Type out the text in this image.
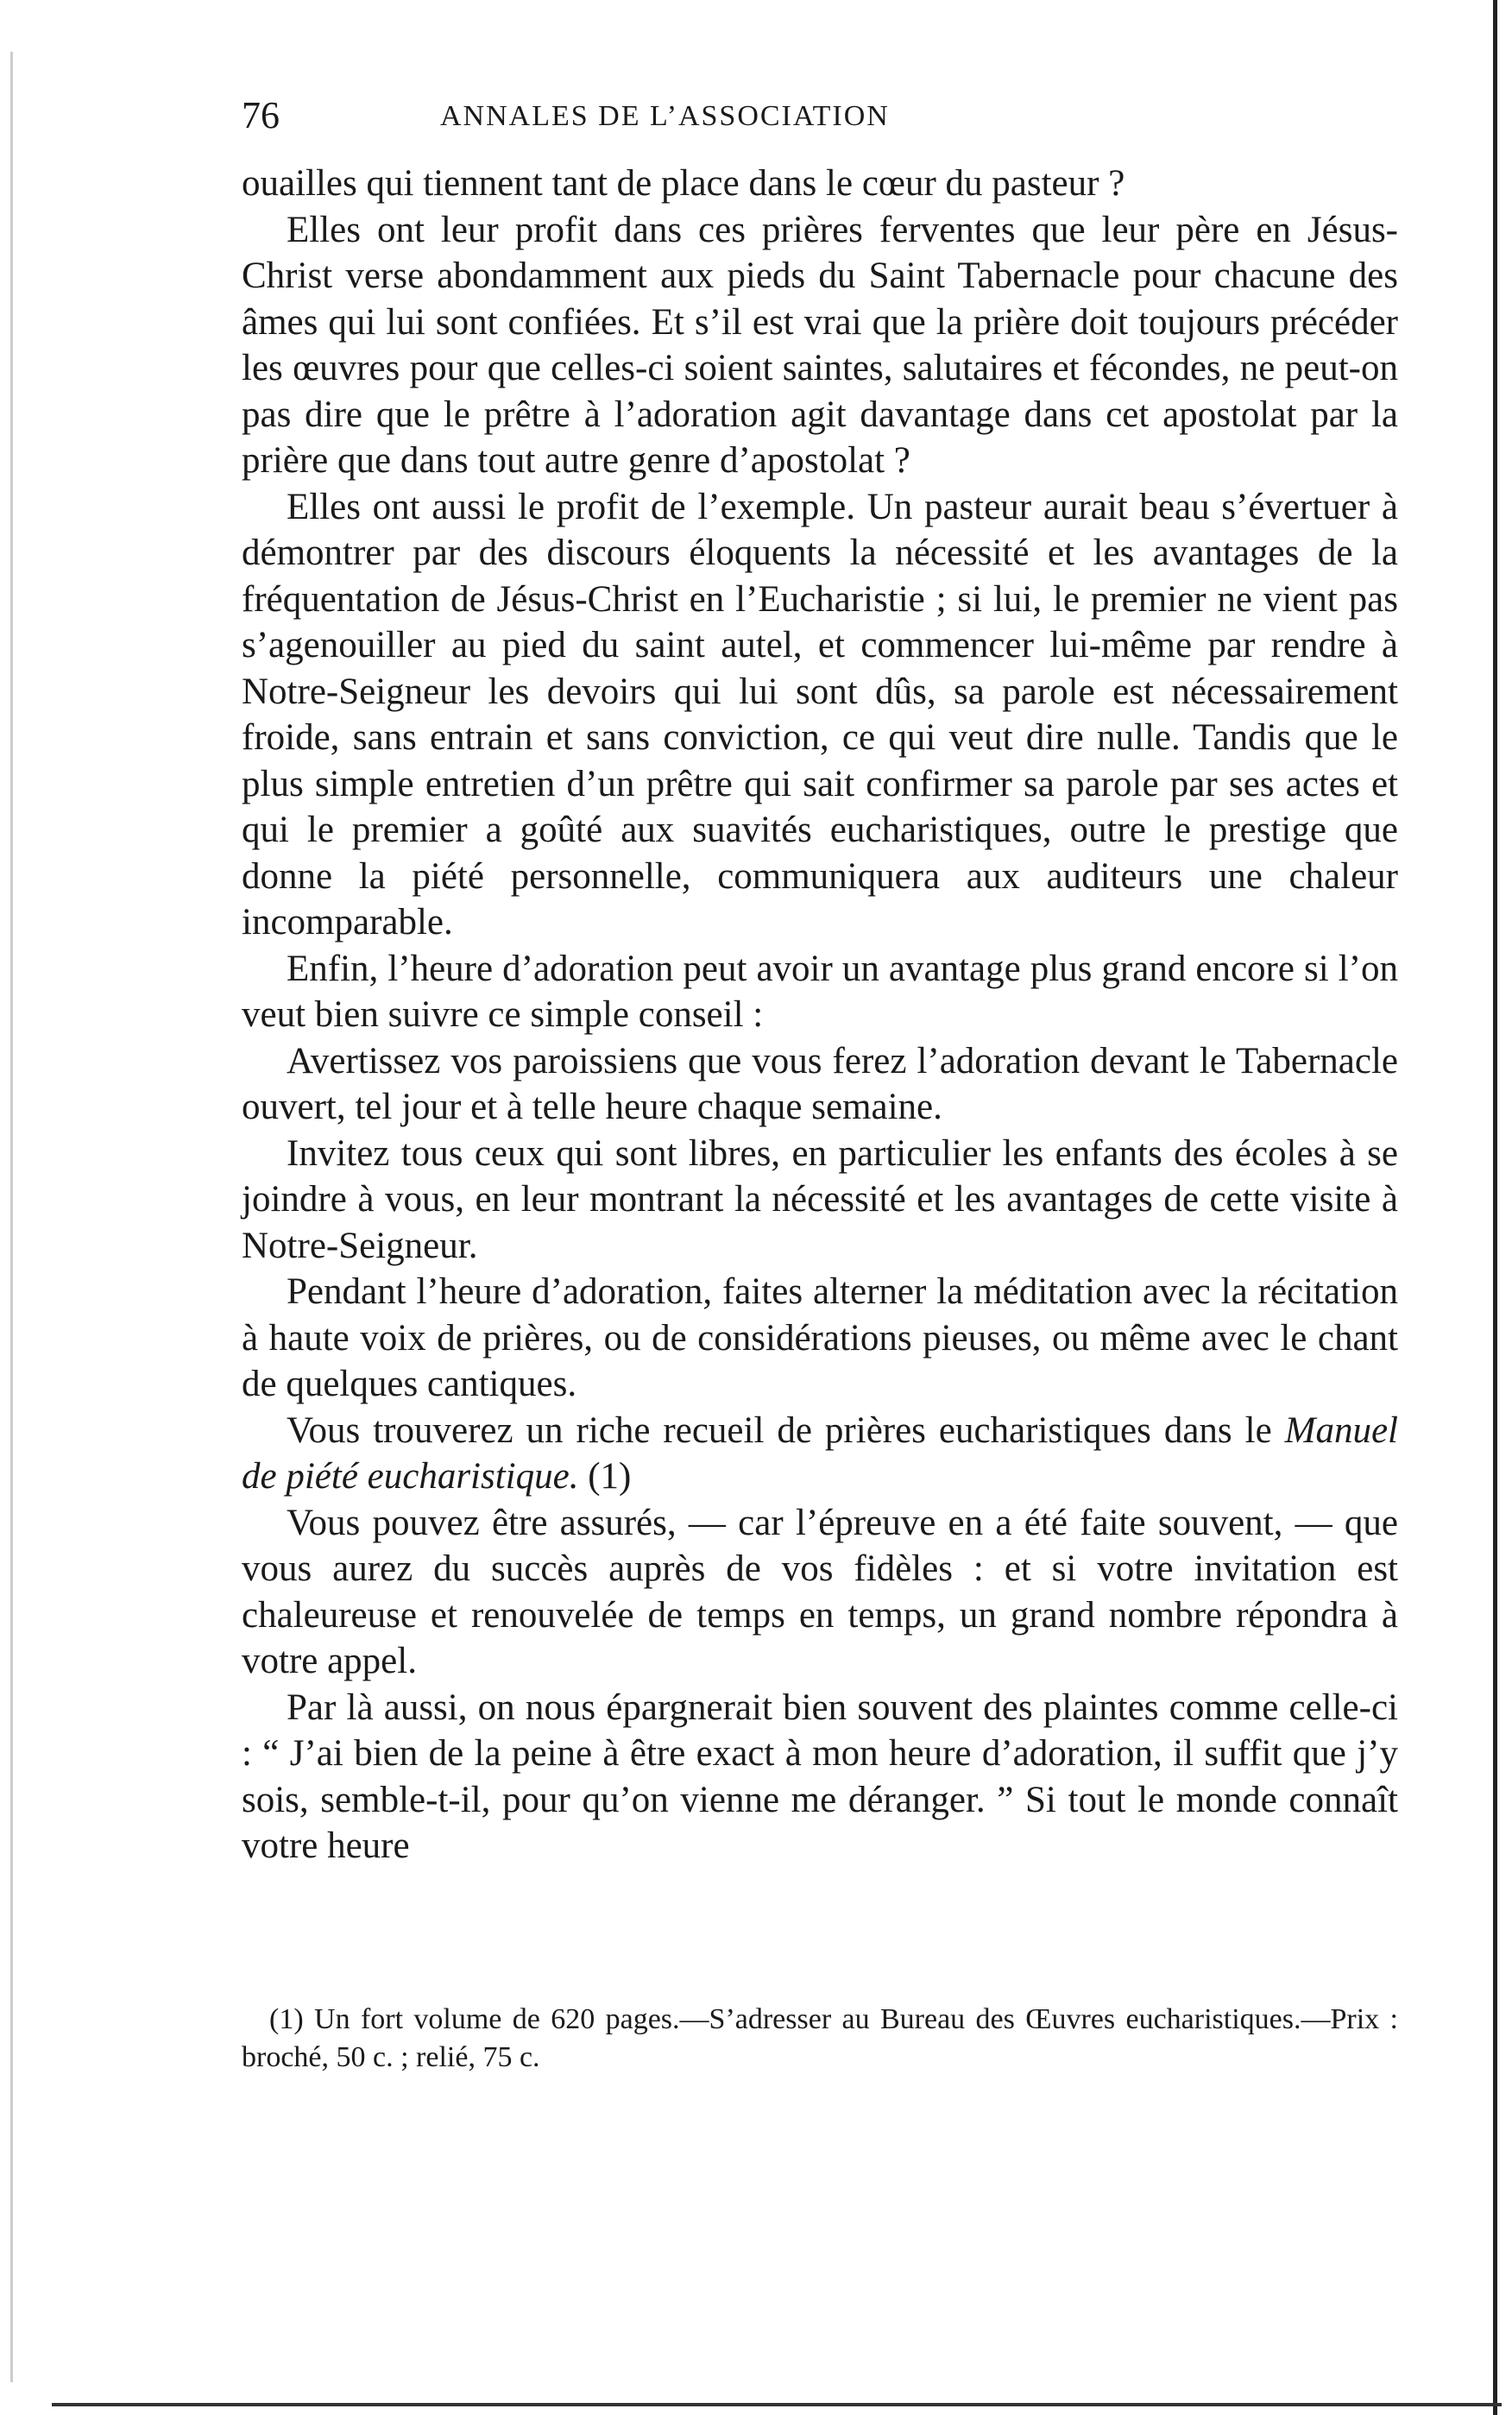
76	ANNALES DE L’ASSOCIATION

ouailles qui tiennent tant de place dans le cœur du pasteur ?

Elles ont leur profit dans ces prières ferventes que leur père en Jésus-Christ verse abondamment aux pieds du Saint Tabernacle pour chacune des âmes qui lui sont confiées. Et s’il est vrai que la prière doit toujours précéder les œuvres pour que celles-ci soient saintes, salutaires et fécondes, ne peut-on pas dire que le prêtre à l’adoration agit davantage dans cet apostolat par la prière que dans tout autre genre d’apostolat ?

Elles ont aussi le profit de l’exemple. Un pasteur aurait beau s’évertuer à démontrer par des discours éloquents la nécessité et les avantages de la fréquentation de Jésus-Christ en l’Eucharistie ; si lui, le premier ne vient pas s’agenouiller au pied du saint autel, et commencer lui-même par rendre à Notre-Seigneur les devoirs qui lui sont dûs, sa parole est nécessairement froide, sans entrain et sans conviction, ce qui veut dire nulle. Tandis que le plus simple entretien d’un prêtre qui sait confirmer sa parole par ses actes et qui le premier a goûté aux suavités eucharistiques, outre le prestige que donne la piété personnelle, communiquera aux auditeurs une chaleur incomparable.

Enfin, l’heure d’adoration peut avoir un avantage plus grand encore si l’on veut bien suivre ce simple conseil :

Avertissez vos paroissiens que vous ferez l’adoration devant le Tabernacle ouvert, tel jour et à telle heure chaque semaine.

Invitez tous ceux qui sont libres, en particulier les enfants des écoles à se joindre à vous, en leur montrant la nécessité et les avantages de cette visite à Notre-Seigneur.

Pendant l’heure d’adoration, faites alterner la méditation avec la récitation à haute voix de prières, ou de considérations pieuses, ou même avec le chant de quelques cantiques.

Vous trouverez un riche recueil de prières eucharistiques dans le Manuel de piété eucharistique. (1)

Vous pouvez être assurés, — car l’épreuve en a été faite souvent, — que vous aurez du succès auprès de vos fidèles : et si votre invitation est chaleureuse et renouvelée de temps en temps, un grand nombre répondra à votre appel.

Par là aussi, on nous épargnerait bien souvent des plaintes comme celle-ci : “ J’ai bien de la peine à être exact à mon heure d’adoration, il suffit que j’y sois, semble-t-il, pour qu’on vienne me déranger. ” Si tout le monde connaît votre heure

(1) Un fort volume de 620 pages.—S’adresser au Bureau des Œuvres eucharistiques.—Prix : broché, 50 c. ; relié, 75 c.
